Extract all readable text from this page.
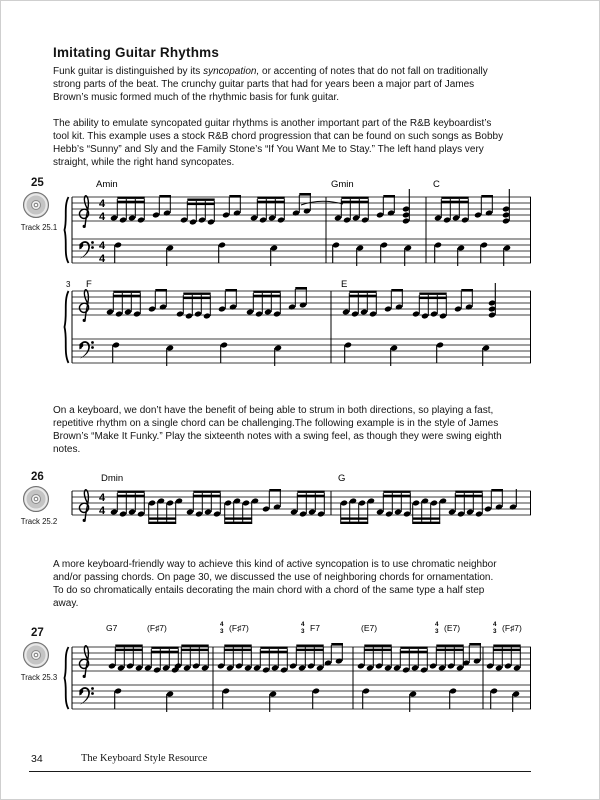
Imitating Guitar Rhythms
Funk guitar is distinguished by its syncopation, or accenting of notes that do not fall on traditionally strong parts of the beat. The crunchy guitar parts that had for years been a major part of James Brown’s music formed much of the rhythmic basis for funk guitar.
The ability to emulate syncopated guitar rhythms is another important part of the R&B keyboardist’s tool kit. This example uses a stock R&B chord progression that can be found on such songs as Bobby Hebb’s “Sunny” and Sly and the Family Stone’s “If You Want Me to Stay.” The left hand plays very straight, while the right hand syncopates.
25
Track 25.1
Amin	Gmin	C
4
4
4
4
3 F	E
On a keyboard, we don’t have the benefit of being able to strum in both directions, so playing a fast, repetitive rhythm on a single chord can be challenging.The following example is in the style of James Brown’s “Make It Funky.” Play the sixteenth notes with a swing feel, as though they were swing eighth notes.
26
Track 25.2
Dmin	G
4
4
A more keyboard-friendly way to achieve this kind of active syncopation is to use chromatic neighbor and/or passing chords. On page 30, we discussed the use of neighboring chords for ornamentation. To do so chromatically entails decorating the main chord with a chord of the same type a half step away.
27
Track 25.3
G7	(F♯7)	4
3 (F♯7)	4
3 F7	(E7)	4
3 (E7)	4
3 (F♯7)
34	The Keyboard Style Resource
